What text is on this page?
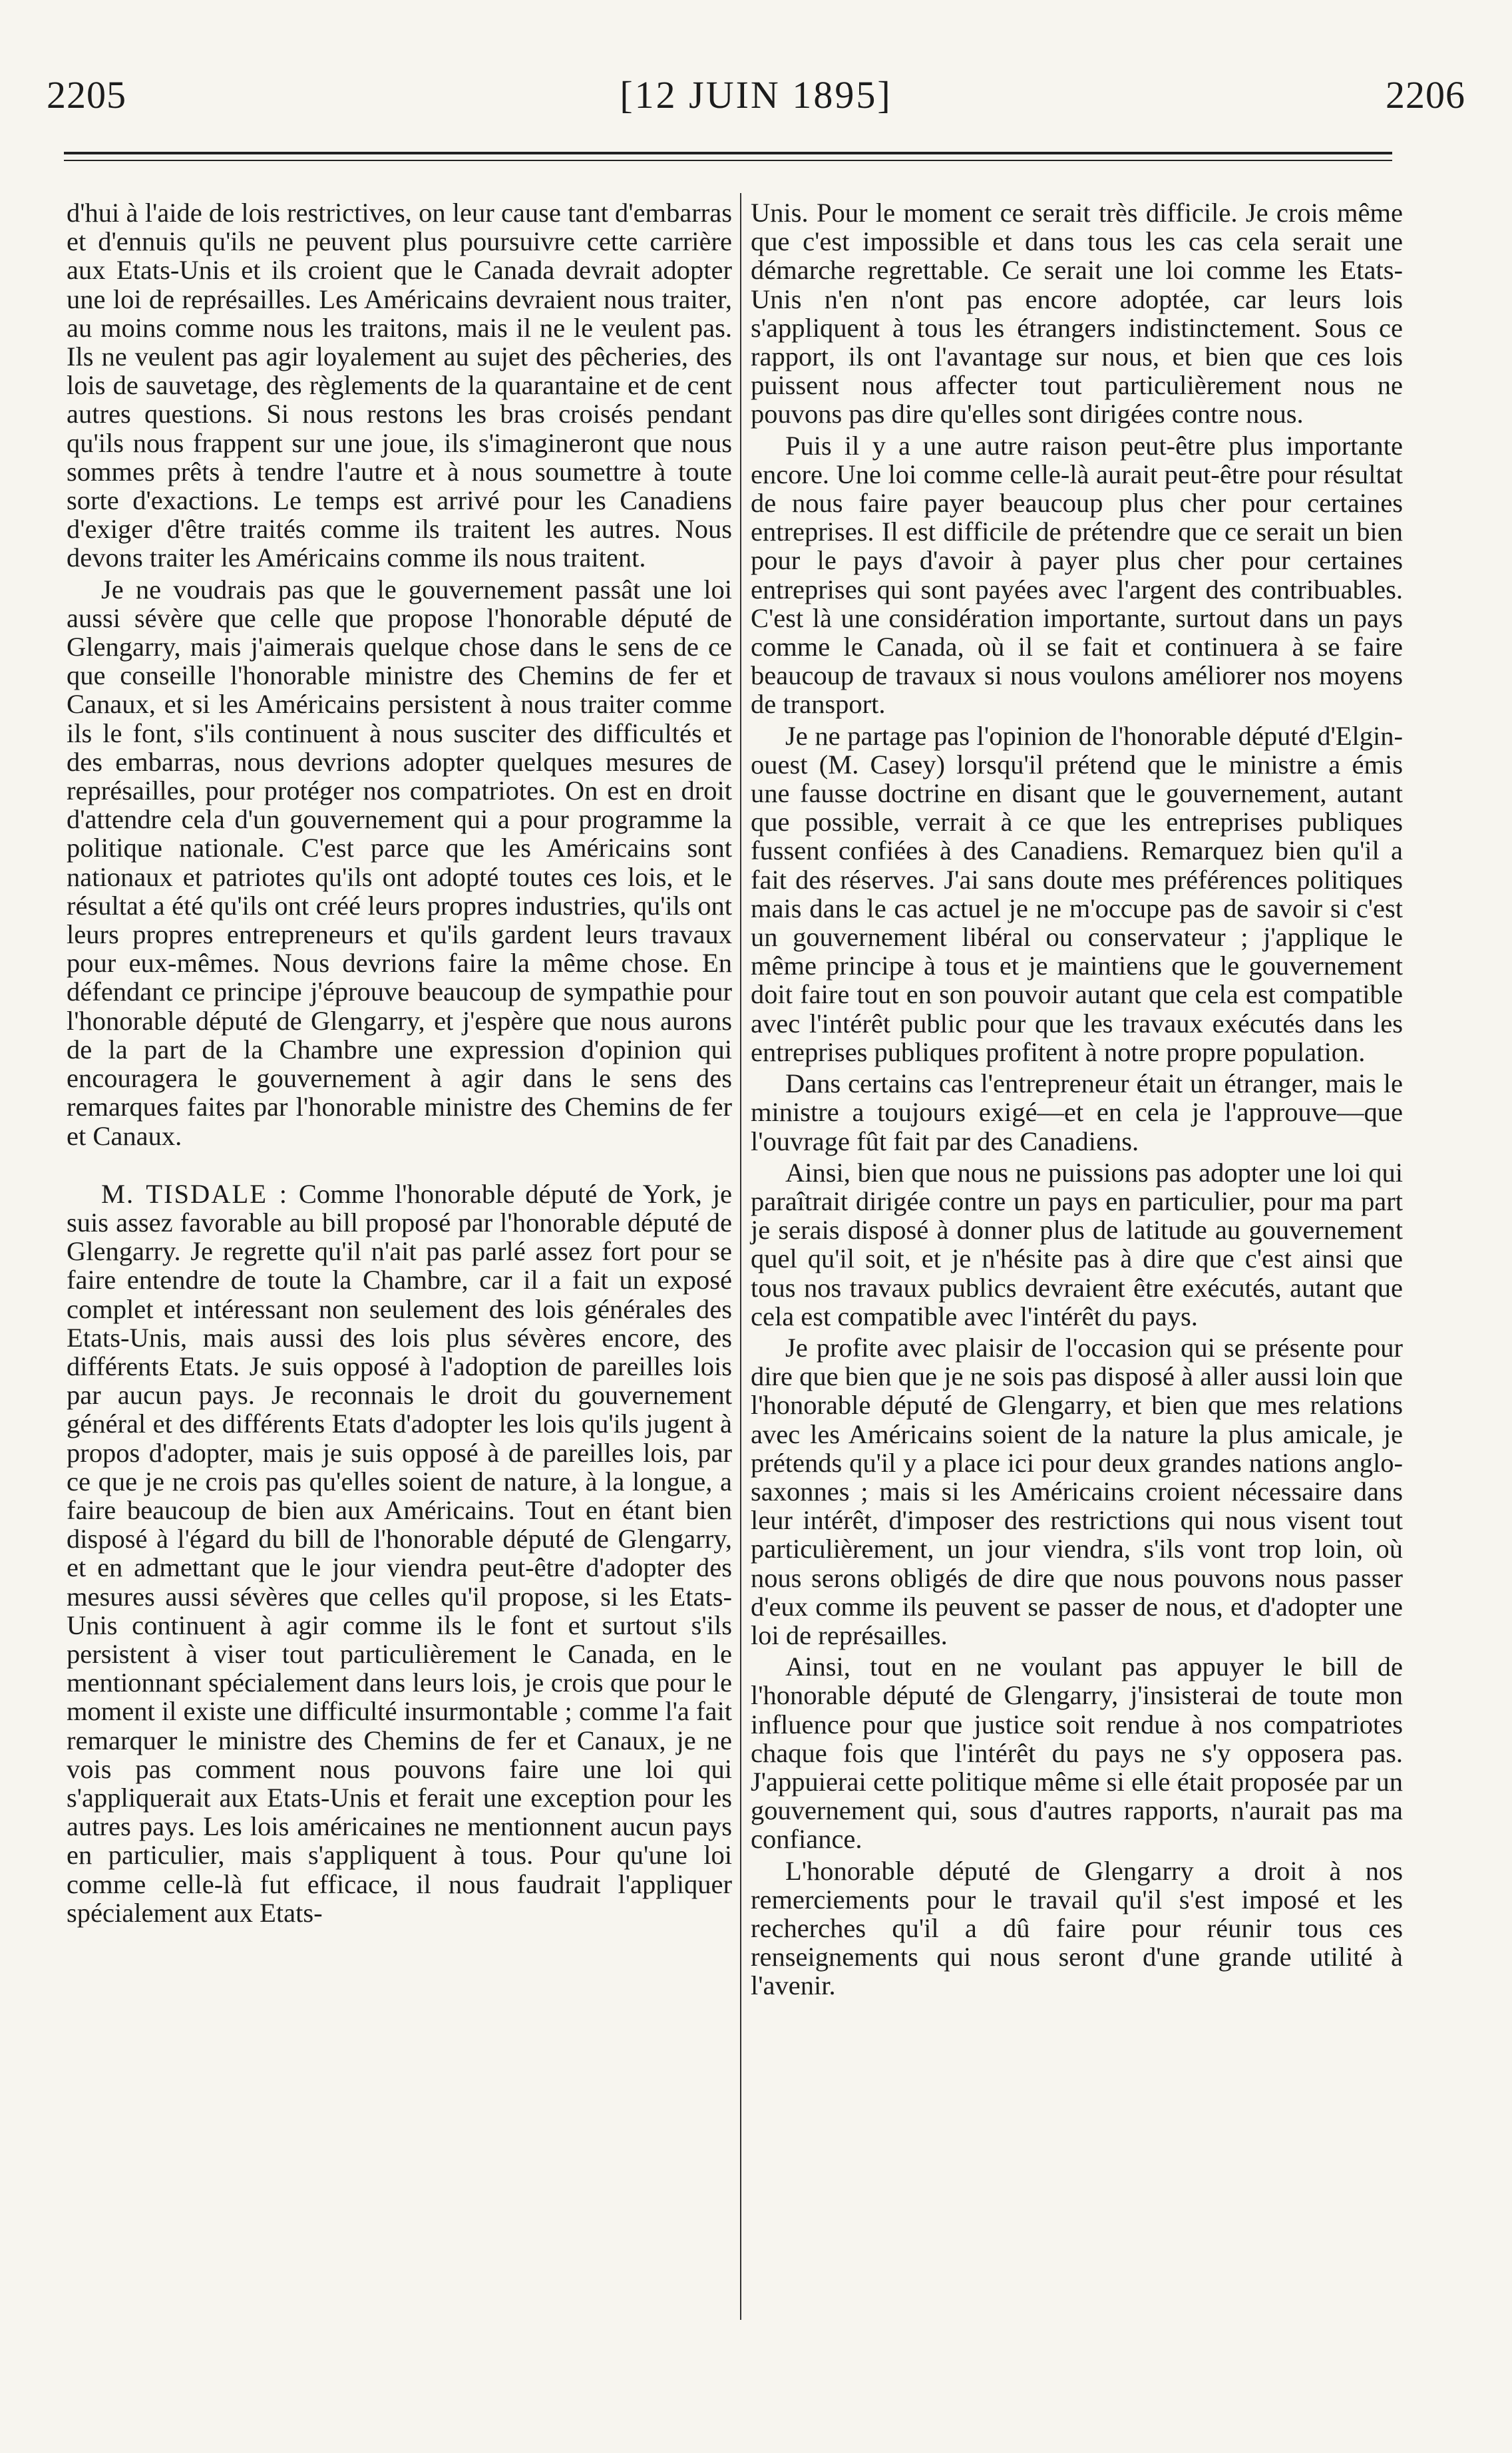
2205	[12 JUIN 1895]	2206

d'hui à l'aide de lois restrictives, on leur cause tant d'embarras et d'ennuis qu'ils ne peuvent plus poursuivre cette carrière aux Etats-Unis et ils croient que le Canada devrait adopter une loi de représailles. Les Américains devraient nous traiter, au moins comme nous les traitons, mais il ne le veulent pas. Ils ne veulent pas agir loyalement au sujet des pêcheries, des lois de sauvetage, des règlements de la quarantaine et de cent autres questions. Si nous restons les bras croisés pendant qu'ils nous frappent sur une joue, ils s'imagineront que nous sommes prêts à tendre l'autre et à nous soumettre à toute sorte d'exactions. Le temps est arrivé pour les Canadiens d'exiger d'être traités comme ils traitent les autres. Nous devons traiter les Américains comme ils nous traitent.

Je ne voudrais pas que le gouvernement passât une loi aussi sévère que celle que propose l'honorable député de Glengarry, mais j'aimerais quelque chose dans le sens de ce que conseille l'honorable ministre des Chemins de fer et Canaux, et si les Américains persistent à nous traiter comme ils le font, s'ils continuent à nous susciter des difficultés et des embarras, nous devrions adopter quelques mesures de représailles, pour protéger nos compatriotes. On est en droit d'attendre cela d'un gouvernement qui a pour programme la politique nationale. C'est parce que les Américains sont nationaux et patriotes qu'ils ont adopté toutes ces lois, et le résultat a été qu'ils ont créé leurs propres industries, qu'ils ont leurs propres entrepreneurs et qu'ils gardent leurs travaux pour eux-mêmes. Nous devrions faire la même chose. En défendant ce principe j'éprouve beaucoup de sympathie pour l'honorable député de Glengarry, et j'espère que nous aurons de la part de la Chambre une expression d'opinion qui encouragera le gouvernement à agir dans le sens des remarques faites par l'honorable ministre des Chemins de fer et Canaux.

M. TISDALE : Comme l'honorable député de York, je suis assez favorable au bill proposé par l'honorable député de Glengarry. Je regrette qu'il n'ait pas parlé assez fort pour se faire entendre de toute la Chambre, car il a fait un exposé complet et intéressant non seulement des lois générales des Etats-Unis, mais aussi des lois plus sévères encore, des différents Etats. Je suis opposé à l'adoption de pareilles lois par aucun pays. Je reconnais le droit du gouvernement général et des différents Etats d'adopter les lois qu'ils jugent à propos d'adopter, mais je suis opposé à de pareilles lois, par ce que je ne crois pas qu'elles soient de nature, à la longue, a faire beaucoup de bien aux Américains. Tout en étant bien disposé à l'égard du bill de l'honorable député de Glengarry, et en admettant que le jour viendra peut-être d'adopter des mesures aussi sévères que celles qu'il propose, si les Etats-Unis continuent à agir comme ils le font et surtout s'ils persistent à viser tout particulièrement le Canada, en le mentionnant spécialement dans leurs lois, je crois que pour le moment il existe une difficulté insurmontable ; comme l'a fait remarquer le ministre des Chemins de fer et Canaux, je ne vois pas comment nous pouvons faire une loi qui s'appliquerait aux Etats-Unis et ferait une exception pour les autres pays. Les lois américaines ne mentionnent aucun pays en particulier, mais s'appliquent à tous. Pour qu'une loi comme celle-là fut efficace, il nous faudrait l'appliquer spécialement aux Etats-

Unis. Pour le moment ce serait très difficile. Je crois même que c'est impossible et dans tous les cas cela serait une démarche regrettable. Ce serait une loi comme les Etats-Unis n'en n'ont pas encore adoptée, car leurs lois s'appliquent à tous les étrangers indistinctement. Sous ce rapport, ils ont l'avantage sur nous, et bien que ces lois puissent nous affecter tout particulièrement nous ne pouvons pas dire qu'elles sont dirigées contre nous.

Puis il y a une autre raison peut-être plus importante encore. Une loi comme celle-là aurait peut-être pour résultat de nous faire payer beaucoup plus cher pour certaines entreprises. Il est difficile de prétendre que ce serait un bien pour le pays d'avoir à payer plus cher pour certaines entreprises qui sont payées avec l'argent des contribuables. C'est là une considération importante, surtout dans un pays comme le Canada, où il se fait et continuera à se faire beaucoup de travaux si nous voulons améliorer nos moyens de transport.

Je ne partage pas l'opinion de l'honorable député d'Elgin-ouest (M. Casey) lorsqu'il prétend que le ministre a émis une fausse doctrine en disant que le gouvernement, autant que possible, verrait à ce que les entreprises publiques fussent confiées à des Canadiens. Remarquez bien qu'il a fait des réserves. J'ai sans doute mes préférences politiques mais dans le cas actuel je ne m'occupe pas de savoir si c'est un gouvernement libéral ou conservateur ; j'applique le même principe à tous et je maintiens que le gouvernement doit faire tout en son pouvoir autant que cela est compatible avec l'intérêt public pour que les travaux exécutés dans les entreprises publiques profitent à notre propre population.

Dans certains cas l'entrepreneur était un étranger, mais le ministre a toujours exigé—et en cela je l'approuve—que l'ouvrage fût fait par des Canadiens.

Ainsi, bien que nous ne puissions pas adopter une loi qui paraîtrait dirigée contre un pays en particulier, pour ma part je serais disposé à donner plus de latitude au gouvernement quel qu'il soit, et je n'hésite pas à dire que c'est ainsi que tous nos travaux publics devraient être exécutés, autant que cela est compatible avec l'intérêt du pays.

Je profite avec plaisir de l'occasion qui se présente pour dire que bien que je ne sois pas disposé à aller aussi loin que l'honorable député de Glengarry, et bien que mes relations avec les Américains soient de la nature la plus amicale, je prétends qu'il y a place ici pour deux grandes nations anglo-saxonnes ; mais si les Américains croient nécessaire dans leur intérêt, d'imposer des restrictions qui nous visent tout particulièrement, un jour viendra, s'ils vont trop loin, où nous serons obligés de dire que nous pouvons nous passer d'eux comme ils peuvent se passer de nous, et d'adopter une loi de représailles.

Ainsi, tout en ne voulant pas appuyer le bill de l'honorable député de Glengarry, j'insisterai de toute mon influence pour que justice soit rendue à nos compatriotes chaque fois que l'intérêt du pays ne s'y opposera pas. J'appuierai cette politique même si elle était proposée par un gouvernement qui, sous d'autres rapports, n'aurait pas ma confiance.

L'honorable député de Glengarry a droit à nos remerciements pour le travail qu'il s'est imposé et les recherches qu'il a dû faire pour réunir tous ces renseignements qui nous seront d'une grande utilité à l'avenir.
